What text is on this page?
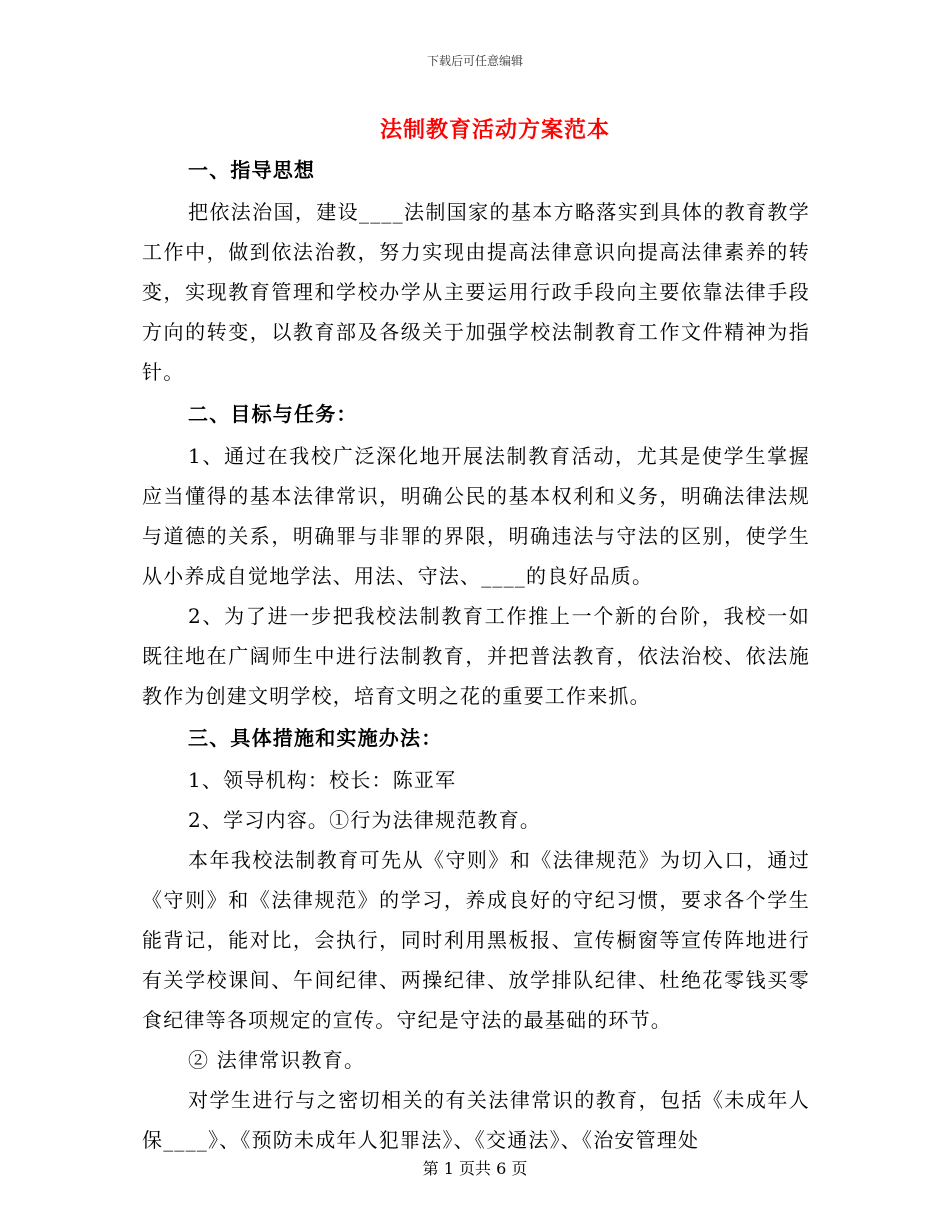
下载后可任意编辑
法制教育活动方案范本

一、指导思想

把依法治国，建设____法制国家的基本方略落实到具体的教育教学工作中，做到依法治教，努力实现由提高法律意识向提高法律素养的转变，实现教育管理和学校办学从主要运用行政手段向主要依靠法律手段方向的转变，以教育部及各级关于加强学校法制教育工作文件精神为指针。

二、目标与任务：

1、通过在我校广泛深化地开展法制教育活动，尤其是使学生掌握应当懂得的基本法律常识，明确公民的基本权利和义务，明确法律法规与道德的关系，明确罪与非罪的界限，明确违法与守法的区别，使学生从小养成自觉地学法、用法、守法、____的良好品质。

2、为了进一步把我校法制教育工作推上一个新的台阶，我校一如既往地在广阔师生中进行法制教育，并把普法教育，依法治校、依法施教作为创建文明学校，培育文明之花的重要工作来抓。

三、具体措施和实施办法：

1、领导机构：校长：陈亚军

2、学习内容。①行为法律规范教育。

本年我校法制教育可先从《守则》和《法律规范》为切入口，通过《守则》和《法律规范》的学习，养成良好的守纪习惯，要求各个学生能背记，能对比，会执行，同时利用黑板报、宣传橱窗等宣传阵地进行有关学校课间、午间纪律、两操纪律、放学排队纪律、杜绝花零钱买零食纪律等各项规定的宣传。守纪是守法的最基础的环节。

② 法律常识教育。

对学生进行与之密切相关的有关法律常识的教育，包括《未成年人保____》、《预防未成年人犯罪法》、《交通法》、《治安管理处

第 1 页共 6 页
